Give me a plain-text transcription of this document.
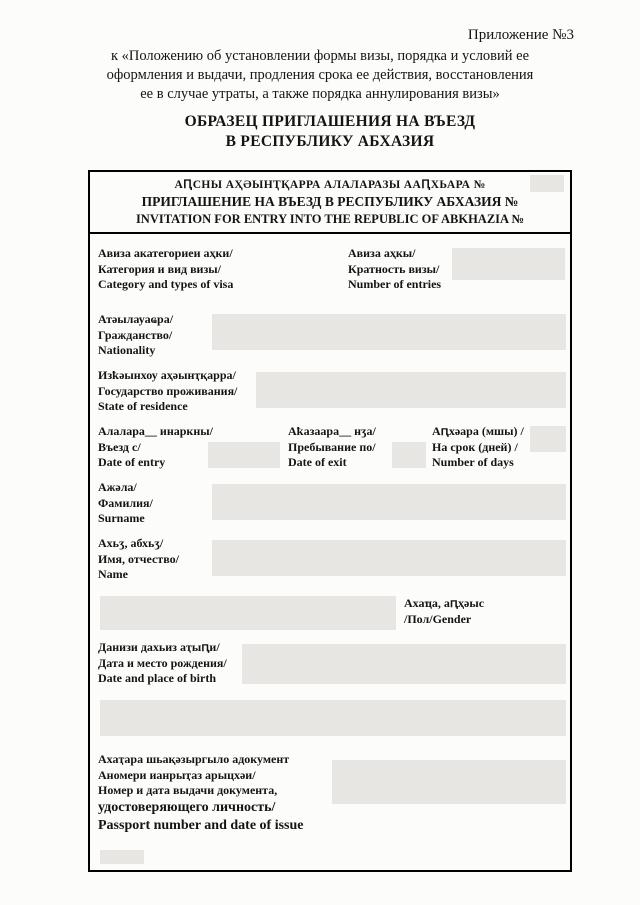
Приложение №3
к «Положению об установлении формы визы, порядка и условий ее
оформления и выдачи, продления срока ее действия, восстановления
ее в случае утраты, а также порядка аннулирования визы»
ОБРАЗЕЦ ПРИГЛАШЕНИЯ НА ВЪЕЗД
В РЕСПУБЛИКУ АБХАЗИЯ
АԤСНЫ АҲӘЫНҬҚАРРА АЛАЛАРАЗЫ ААԤХЬАРА №
ПРИГЛАШЕНИЕ НА ВЪЕЗД В РЕСПУБЛИКУ АБХАЗИЯ №
INVITATION FOR ENTRY INTO THE REPUBLIC OF ABKHAZIA №
Авиза акатегориеи аҳки/
Категория и вид визы/
Category and types of visa
Авиза аҳкы/
Кратность визы/
Number of entries
Атәылауаҩра/
Гражданство/
Nationality
Изҟәынхоу аҳәынҭқарра/
Государство проживания/
State of residence
Алалара__ инаркны/
Въезд с/
Date of entry
Аҟазаара__ нӡа/
Пребывание по/
Date of exit
Аԥхәара (мшы) /
На срок (дней) /
Number of days
Ажәла/
Фамилия/
Surname
Ахьӡ, абхьӡ/
Имя, отчество/
Name
Ахаҵа, аԥҳәыс
/Пол/Gender
Данизи дахьиз аҭыԥи/
Дата и место рождения/
Date and place of birth
Ахаҭара шьақәзыргыло адокумент
Аномери ианрыҭаз арыцхәи/
Номер и дата выдачи документа,
удостоверяющего личность/
Passport number and date of issue
